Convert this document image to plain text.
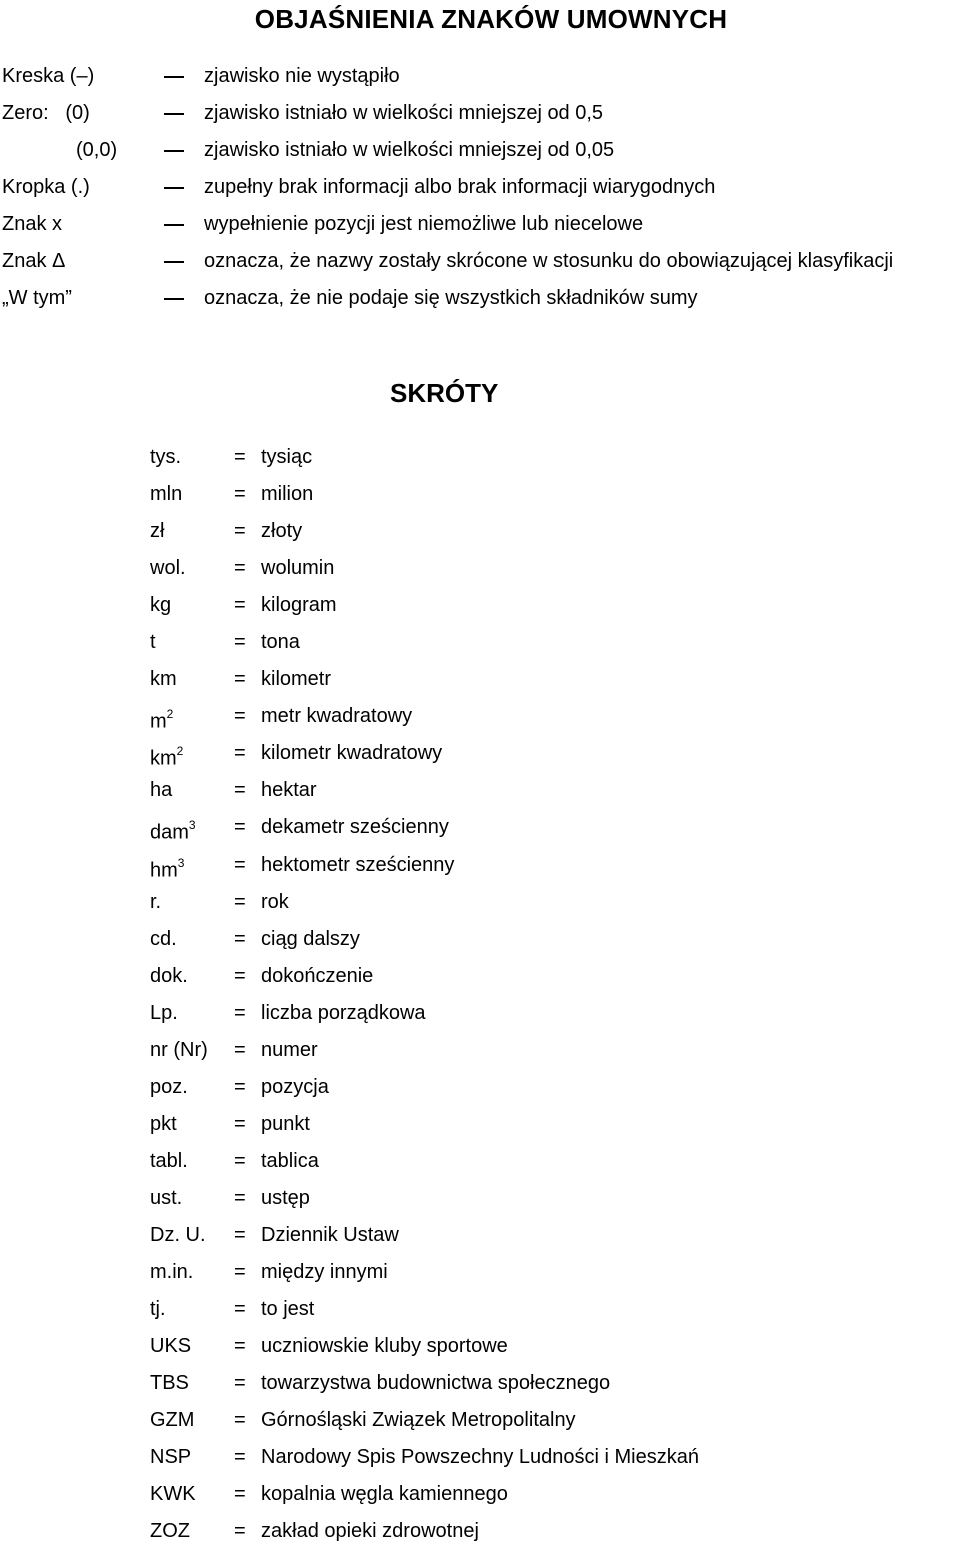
OBJAŚNIENIA ZNAKÓW UMOWNYCH
Kreska (–)	zjawisko nie wystąpiło
Zero:   (0)	zjawisko istniało w wielkości mniejszej od 0,5
(0,0)	zjawisko istniało w wielkości mniejszej od 0,05
Kropka (.)	zupełny brak informacji albo brak informacji wiarygodnych
Znak x	wypełnienie pozycji jest niemożliwe lub niecelowe
Znak Δ	oznacza, że nazwy zostały skrócone w stosunku do obowiązującej klasyfikacji
„W tym”	oznacza, że nie podaje się wszystkich składników sumy
SKRÓTY
tys.	= tysiąc
mln	= milion
zł	= złoty
wol. = wolumin
kg	= kilogram
t	= tona
km	= kilometr
$m^2$	= metr kwadratowy
$km^2$	= kilometr kwadratowy
ha	= hektar
dam$^3$ = dekametr sześcienny
$hm^3$ = hektometr sześcienny
r.	= rok
cd.	= ciąg dalszy
dok. = dokończenie
Lp.	= liczba porządkowa
nr (Nr) = numer
poz. = pozycja
pkt	= punkt
tabl. = tablica
ust.	= ustęp
Dz. U. = Dziennik Ustaw
m.in. = między innymi
tj.	= to jest
UKS = uczniowskie kluby sportowe
TBS = towarzystwa budownictwa społecznego
GZM = Górnośląski Związek Metropolitalny
NSP = Narodowy Spis Powszechny Ludności i Mieszkań
KWK = kopalnia węgla kamiennego
ZOZ = zakład opieki zdrowotnej
